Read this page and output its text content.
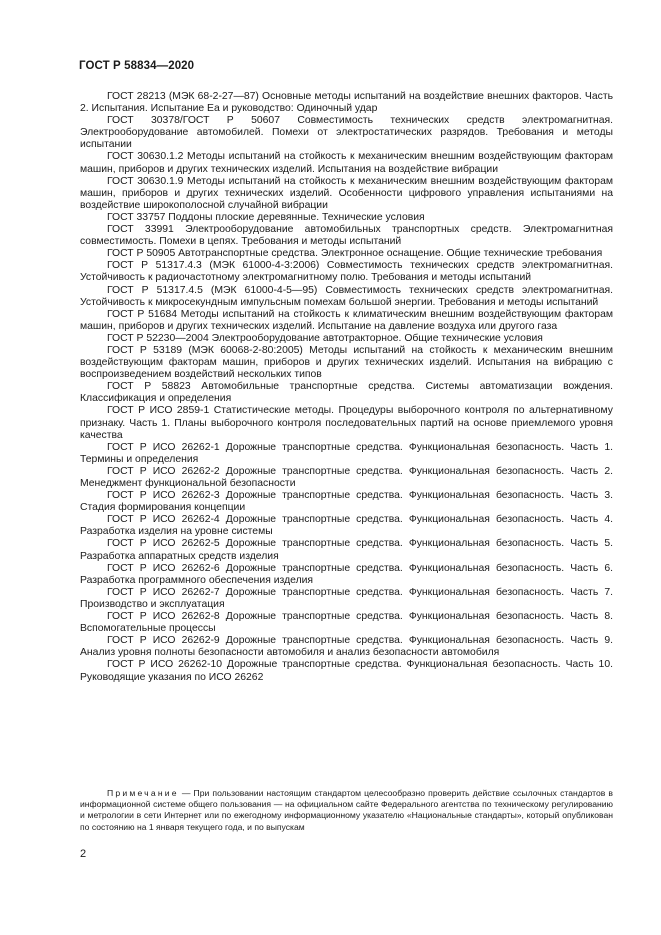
ГОСТ Р 58834—2020

ГОСТ 28213 (МЭК 68-2-27—87) Основные методы испытаний на воздействие внешних факторов. Часть 2. Испытания. Испытание Еа и руководство: Одиночный удар

ГОСТ 30378/ГОСТ Р 50607 Совместимость технических средств электромагнитная. Электрооборудование автомобилей. Помехи от электростатических разрядов. Требования и методы испытании

ГОСТ 30630.1.2 Методы испытаний на стойкость к механическим внешним воздействующим факторам машин, приборов и других технических изделий. Испытания на воздействие вибрации

ГОСТ 30630.1.9 Методы испытаний на стойкость к механическим внешним воздействующим факторам машин, приборов и других технических изделий. Особенности цифрового управления испытаниями на воздействие широкополосной случайной вибрации

ГОСТ 33757 Поддоны плоские деревянные. Технические условия

ГОСТ 33991 Электрооборудование автомобильных транспортных средств. Электромагнитная совместимость. Помехи в цепях. Требования и методы испытаний

ГОСТ Р 50905 Автотранспортные средства. Электронное оснащение. Общие технические требования

ГОСТ Р 51317.4.3 (МЭК 61000-4-3:2006) Совместимость технических средств электромагнитная. Устойчивость к радиочастотному электромагнитному полю. Требования и методы испытаний

ГОСТ Р 51317.4.5 (МЭК 61000-4-5—95) Совместимость технических средств электромагнитная. Устойчивость к микросекундным импульсным помехам большой энергии. Требования и методы испытаний

ГОСТ Р 51684 Методы испытаний на стойкость к климатическим внешним воздействующим факторам машин, приборов и других технических изделий. Испытание на давление воздуха или другого газа

ГОСТ Р 52230—2004 Электрооборудование автотракторное. Общие технические условия

ГОСТ Р 53189 (МЭК 60068-2-80:2005) Методы испытаний на стойкость к механическим внешним воздействующим факторам машин, приборов и других технических изделий. Испытания на вибрацию с воспроизведением воздействий нескольких типов

ГОСТ Р 58823 Автомобильные транспортные средства. Системы автоматизации вождения. Классификация и определения

ГОСТ Р ИСО 2859-1 Статистические методы. Процедуры выборочного контроля по альтернативному признаку. Часть 1. Планы выборочного контроля последовательных партий на основе приемлемого уровня качества

ГОСТ Р ИСО 26262-1 Дорожные транспортные средства. Функциональная безопасность. Часть 1. Термины и определения

ГОСТ Р ИСО 26262-2 Дорожные транспортные средства. Функциональная безопасность. Часть 2. Менеджмент функциональной безопасности

ГОСТ Р ИСО 26262-3 Дорожные транспортные средства. Функциональная безопасность. Часть 3. Стадия формирования концепции

ГОСТ Р ИСО 26262-4 Дорожные транспортные средства. Функциональная безопасность. Часть 4. Разработка изделия на уровне системы

ГОСТ Р ИСО 26262-5 Дорожные транспортные средства. Функциональная безопасность. Часть 5. Разработка аппаратных средств изделия

ГОСТ Р ИСО 26262-6 Дорожные транспортные средства. Функциональная безопасность. Часть 6. Разработка программного обеспечения изделия

ГОСТ Р ИСО 26262-7 Дорожные транспортные средства. Функциональная безопасность. Часть 7. Производство и эксплуатация

ГОСТ Р ИСО 26262-8 Дорожные транспортные средства. Функциональная безопасность. Часть 8. Вспомогательные процессы

ГОСТ Р ИСО 26262-9 Дорожные транспортные средства. Функциональная безопасность. Часть 9. Анализ уровня полноты безопасности автомобиля и анализ безопасности автомобиля

ГОСТ Р ИСО 26262-10 Дорожные транспортные средства. Функциональная безопасность. Часть 10. Руководящие указания по ИСО 26262

Примечание — При пользовании настоящим стандартом целесообразно проверить действие ссылочных стандартов в информационной системе общего пользования — на официальном сайте Федерального агентства по техническому регулированию и метрологии в сети Интернет или по ежегодному информационному указателю «Национальные стандарты», который опубликован по состоянию на 1 января текущего года, и по выпускам

2
